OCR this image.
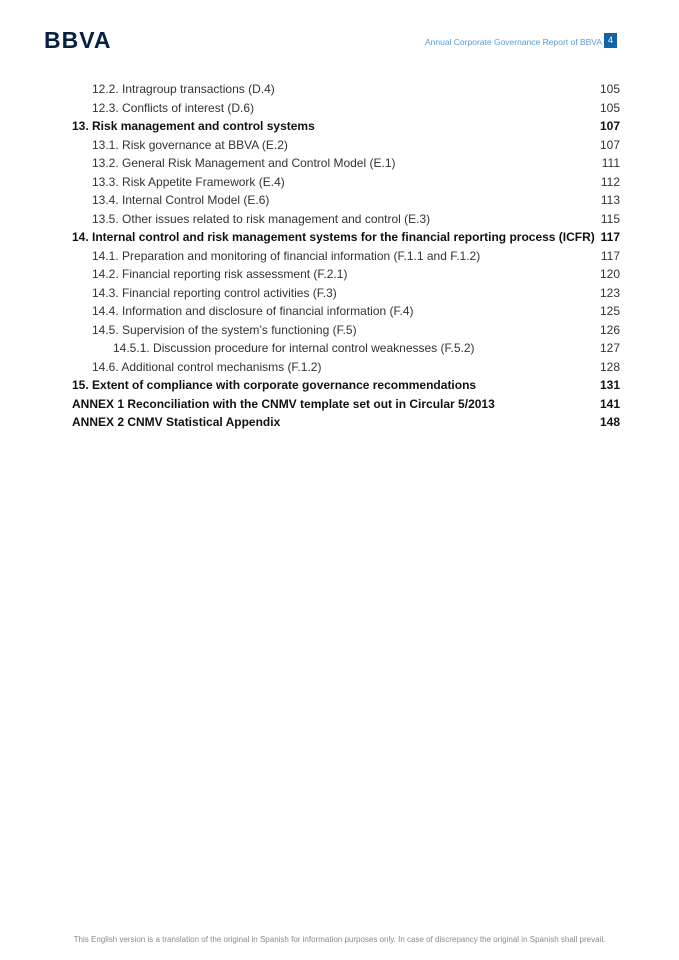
BBVA	Annual Corporate Governance Report of BBVA 4
12.2. Intragroup transactions (D.4)	105
12.3. Conflicts of interest (D.6)	105
13. Risk management and control systems	107
13.1. Risk governance at BBVA (E.2)	107
13.2. General Risk Management and Control Model (E.1)	111
13.3. Risk Appetite Framework (E.4)	112
13.4. Internal Control Model (E.6)	113
13.5. Other issues related to risk management and control (E.3)	115
14. Internal control and risk management systems for the financial reporting process (ICFR) 117
14.1. Preparation and monitoring of financial information (F.1.1 and F.1.2)	117
14.2. Financial reporting risk assessment (F.2.1)	120
14.3. Financial reporting control activities (F.3)	123
14.4. Information and disclosure of financial information (F.4)	125
14.5. Supervision of the system’s functioning (F.5)	126
14.5.1. Discussion procedure for internal control weaknesses (F.5.2)	127
14.6. Additional control mechanisms (F.1.2)	128
15. Extent of compliance with corporate governance recommendations	131
ANNEX 1 Reconciliation with the CNMV template set out in Circular 5/2013	141
ANNEX 2 CNMV Statistical Appendix	148
This English version is a translation of the original in Spanish for information purposes only. In case of discrepancy the original in Spanish shall prevail.
